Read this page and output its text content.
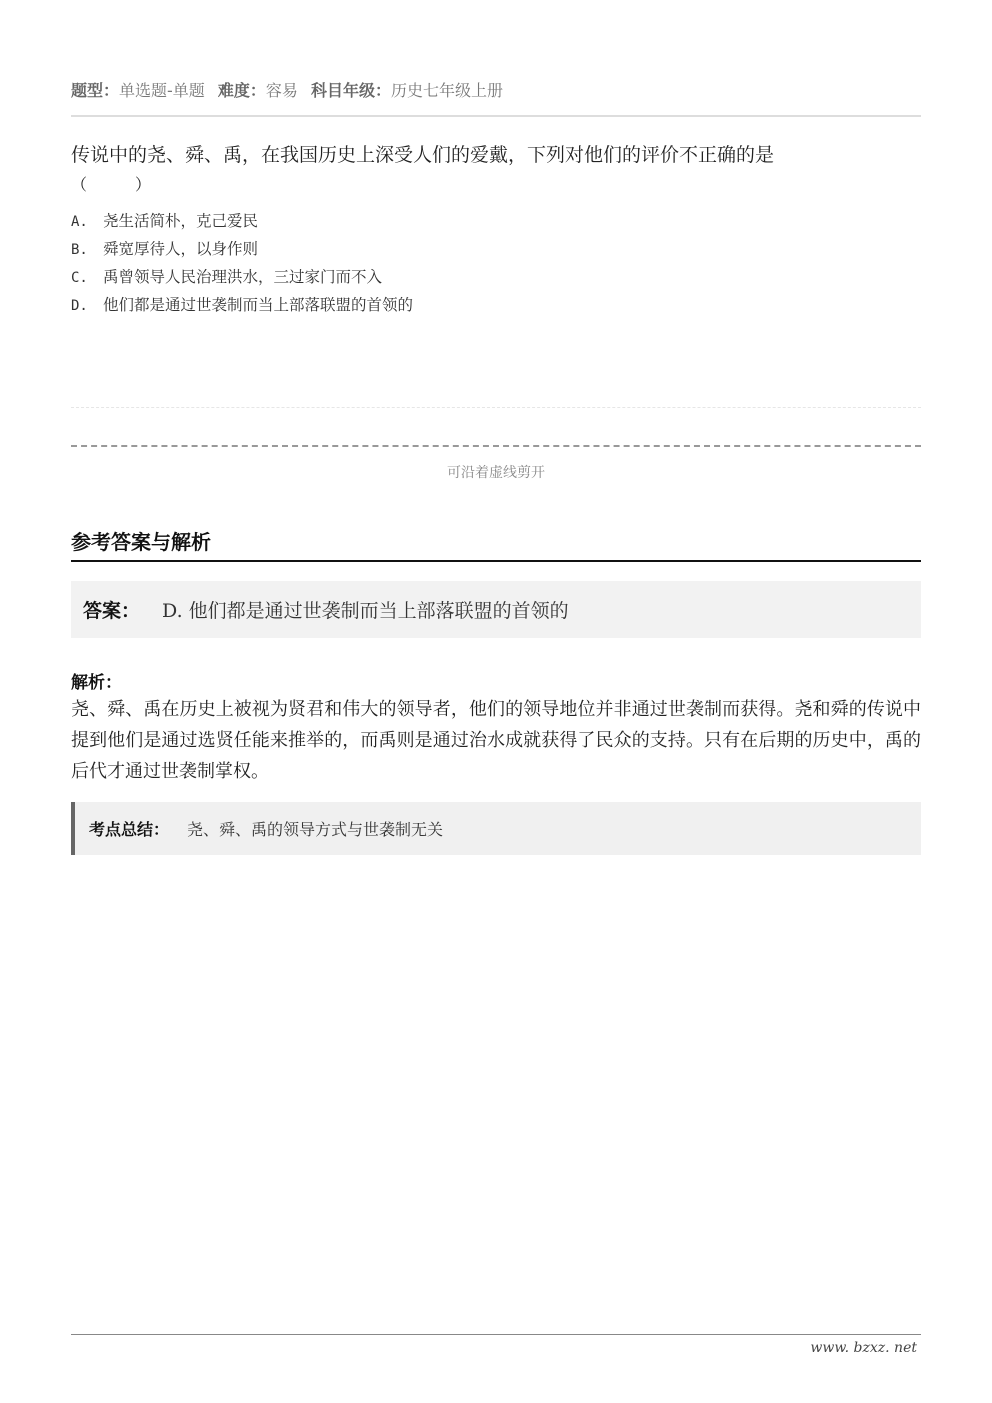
题型：单选题-单题 难度：容易 科目年级：历史七年级上册
传说中的尧、舜、禹，在我国历史上深受人们的爱戴，下列对他们的评价不正确的是
（　　　）
A. 尧生活简朴，克己爱民
B. 舜宽厚待人，以身作则
C. 禹曾领导人民治理洪水，三过家门而不入
D. 他们都是通过世袭制而当上部落联盟的首领的
可沿着虚线剪开
参考答案与解析
答案： D. 他们都是通过世袭制而当上部落联盟的首领的
解析：
尧、舜、禹在历史上被视为贤君和伟大的领导者，他们的领导地位并非通过世袭制而获得。尧和舜的传说中提到他们是通过选贤任能来推举的，而禹则是通过治水成就获得了民众的支持。只有在后期的历史中，禹的后代才通过世袭制掌权。
考点总结： 尧、舜、禹的领导方式与世袭制无关
www. bzxz. net
